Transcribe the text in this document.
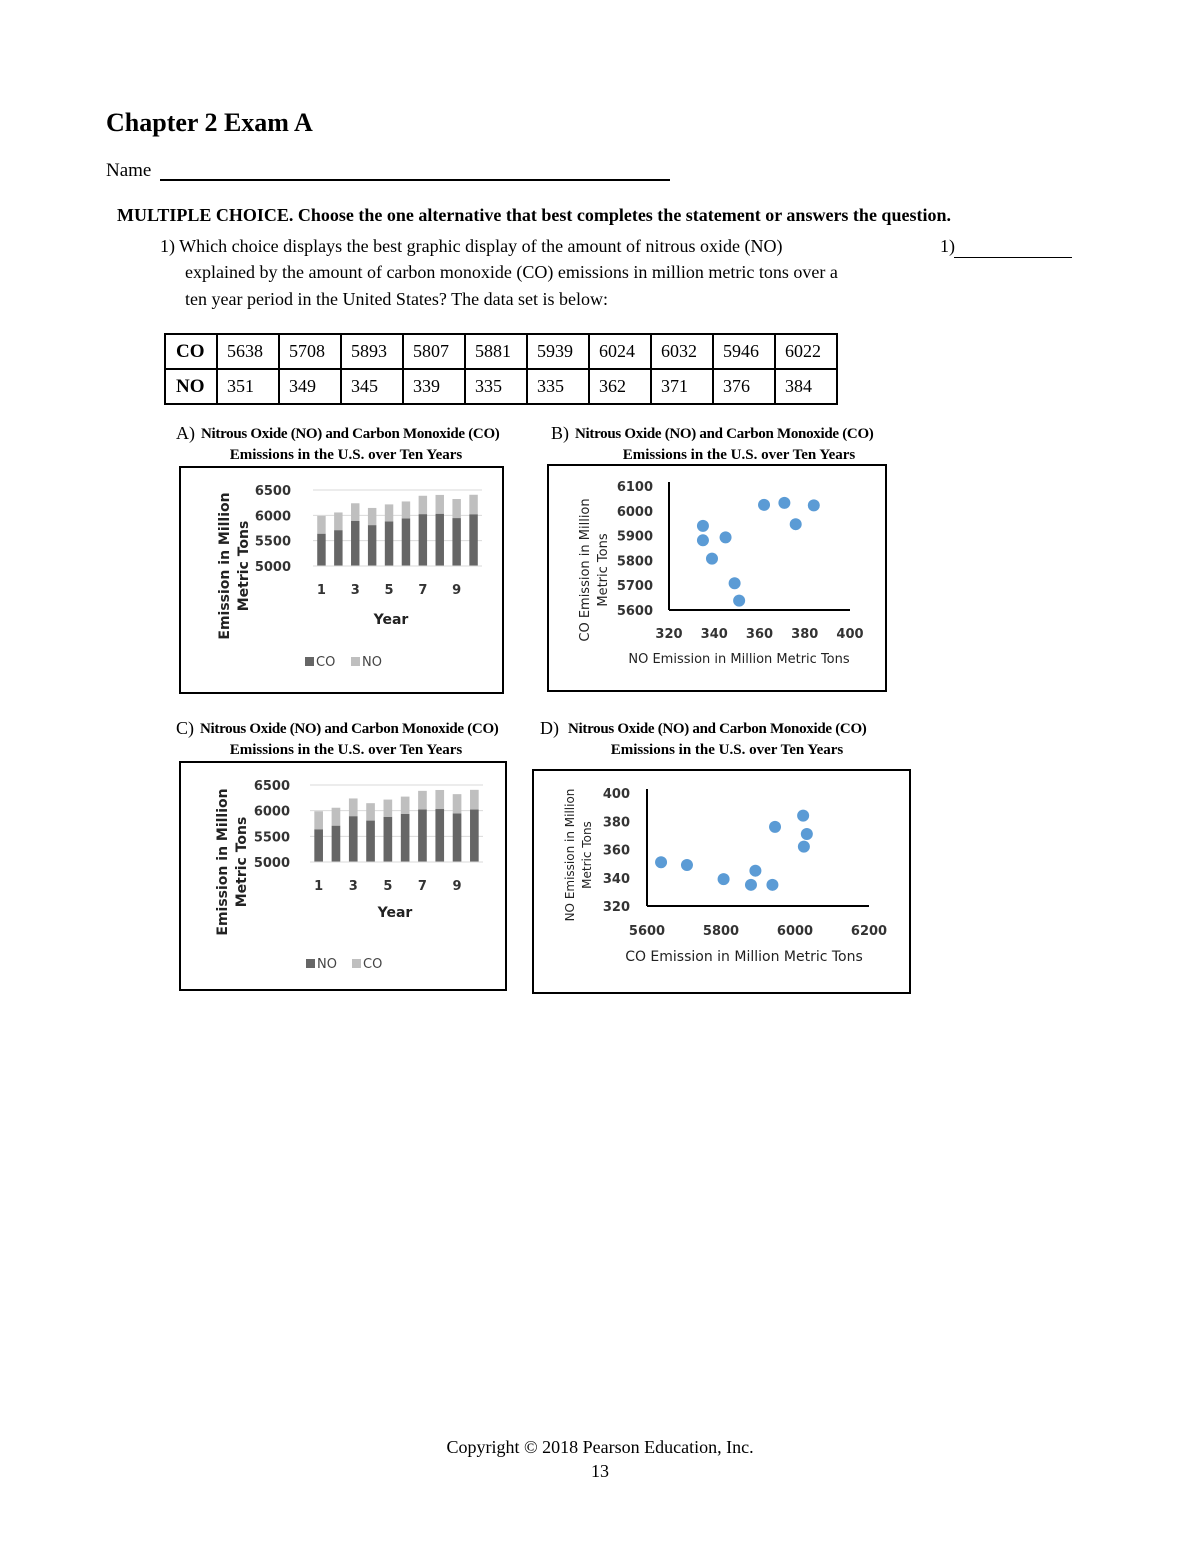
Chapter 2 Exam A
Name
MULTIPLE CHOICE. Choose the one alternative that best completes the statement or answers the question.
1) Which choice displays the best graphic display of the amount of nitrous oxide (NO)
explained by the amount of carbon monoxide (CO) emissions in million metric tons over a
ten year period in the United States? The data set is below:
1)
CO	5638	5708	5893	5807	5881	5939	6024	6032	5946	6022
NO	351	349	345	339	335	335	362	371	376	384
A) Nitrous Oxide (NO) and Carbon Monoxide (CO)
Emissions in the U.S. over Ten Years
Emission in Million Metric Tons 5000
5500
6000
6500
Year
1 3 5 7 9
CO NO
B) Nitrous Oxide (NO) and Carbon Monoxide (CO)
Emissions in the U.S. over Ten Years
CO Emission in Million Metric Tons
5600
5700
5800
5900
6000
6100
NO Emission in Million Metric Tons
320 340 360 380 400
C) Nitrous Oxide (NO) and Carbon Monoxide (CO)
Emissions in the U.S. over Ten Years
Emission in Million Metric Tons 5000
5500
6000
6500
Year
1 3 5 7 9
NO CO
D) Nitrous Oxide (NO) and Carbon Monoxide (CO)
Emissions in the U.S. over Ten Years
NO Emission in Million Metric Tons
320
340
360
380
400
CO Emission in Million Metric Tons
5600	5800	6000	6200
Copyright © 2018 Pearson Education, Inc.
13
